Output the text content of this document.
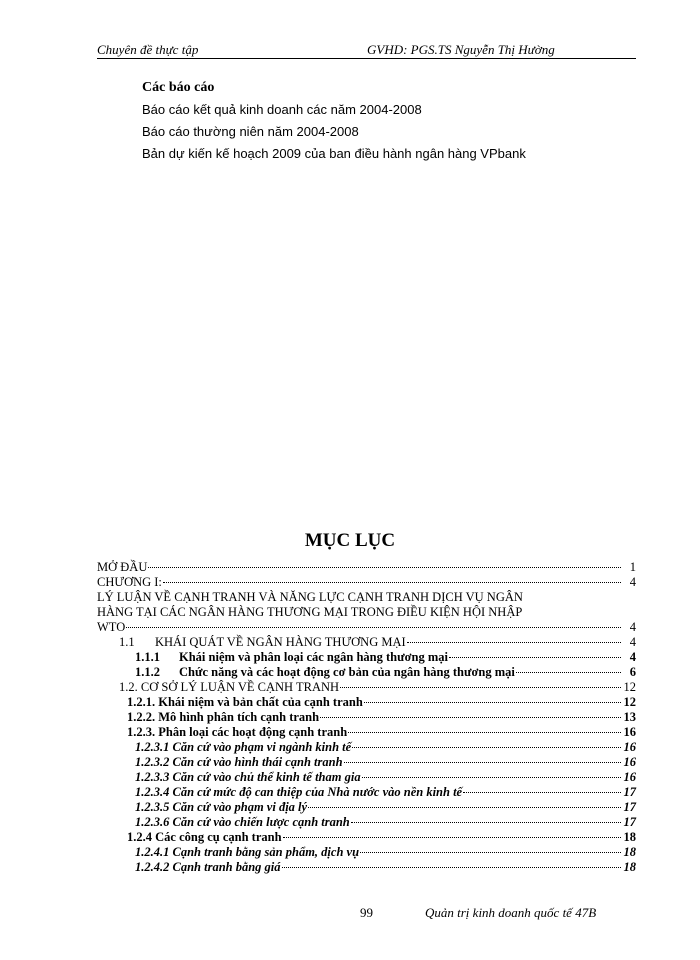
Chuyên đề thực tập	GVHD: PGS.TS Nguyễn Thị Hường
Các báo cáo
Báo cáo kết quả kinh doanh các năm 2004-2008
Báo cáo thường niên năm 2004-2008
Bản dự kiến kế hoạch 2009 của ban điều hành ngân hàng VPbank
MỤC LỤC
MỞ ĐẦU	1
CHƯƠNG I:	4
LÝ LUẬN VỀ CẠNH TRANH VÀ NĂNG LỰC CẠNH TRANH DỊCH VỤ NGÂN
HÀNG TẠI CÁC NGÂN HÀNG THƯƠNG MẠI TRONG ĐIỀU KIỆN HỘI NHẬP
WTO	4
1.1	KHÁI QUÁT VỀ NGÂN HÀNG THƯƠNG MẠI	4
1.1.1	Khái niệm và phân loại các ngân hàng thương mại	4
1.1.2	Chức năng và các hoạt động cơ bản của ngân hàng thương mại	6
1.2. CƠ SỞ LÝ LUẬN VỀ CẠNH TRANH	12
1.2.1. Khái niệm và bản chất của cạnh tranh	12
1.2.2. Mô hình phân tích cạnh tranh	13
1.2.3. Phân loại các hoạt động cạnh tranh	16
1.2.3.1 Căn cứ vào phạm vi ngành kinh tế	16
1.2.3.2 Căn cứ vào hình thái cạnh tranh	16
1.2.3.3 Căn cứ vào chủ thể kinh tế tham gia	16
1.2.3.4 Căn cứ mức độ can thiệp của Nhà nước vào nền kinh tế	17
1.2.3.5 Căn cứ vào phạm vi địa lý	17
1.2.3.6 Căn cứ vào chiến lược cạnh tranh	17
1.2.4 Các công cụ cạnh tranh	18
1.2.4.1 Cạnh tranh bằng sản phẩm, dịch vụ	18
1.2.4.2 Cạnh tranh bằng giá	18
99	Quản trị kinh doanh quốc tế 47B
